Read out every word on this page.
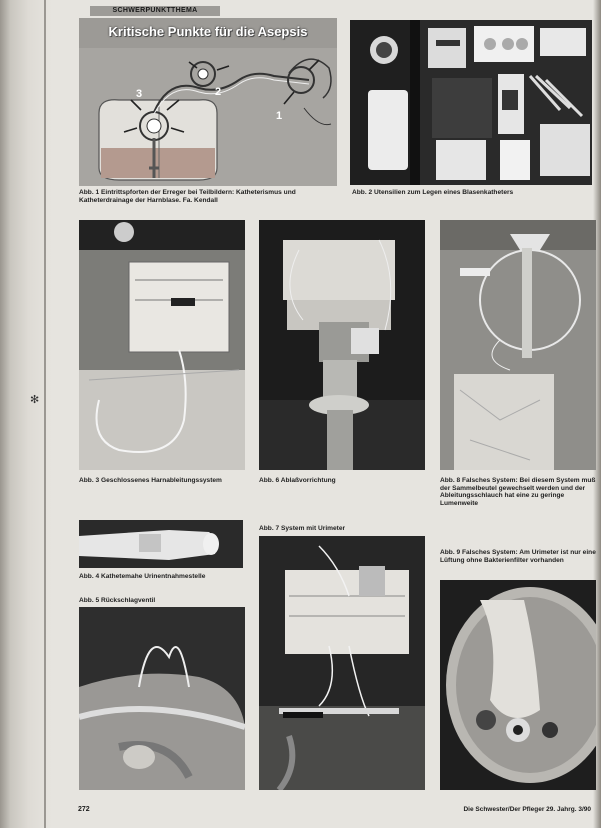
✻
SCHWERPUNKTTHEMA
Kritische Punkte für die Asepsis
3	2
1
Abb. 1 Eintrittspforten der Erreger bei Teilbildern: Katheterismus und Katheterdrainage der Harnblase. Fa. Kendall
Abb. 2 Utensilien zum Legen eines Blasenkatheters
Abb. 3 Geschlossenes Harnableitungssystem	Abb. 6 Ablaßvorrichtung	Abb. 8 Falsches System: Bei diesem System muß der Sammelbeutel gewechselt werden und der Ableitungsschlauch hat eine zu geringe Lumenweite
Abb. 4 Kathetemahe Urinentnahmestelle
Abb. 5 Rückschlagventil
Abb. 7 System mit Urimeter
Abb. 9 Falsches System: Am Urimeter ist nur eine Lüftung ohne Bakterienfilter vorhanden
272	Die Schwester/Der Pfleger 29. Jahrg. 3/90
